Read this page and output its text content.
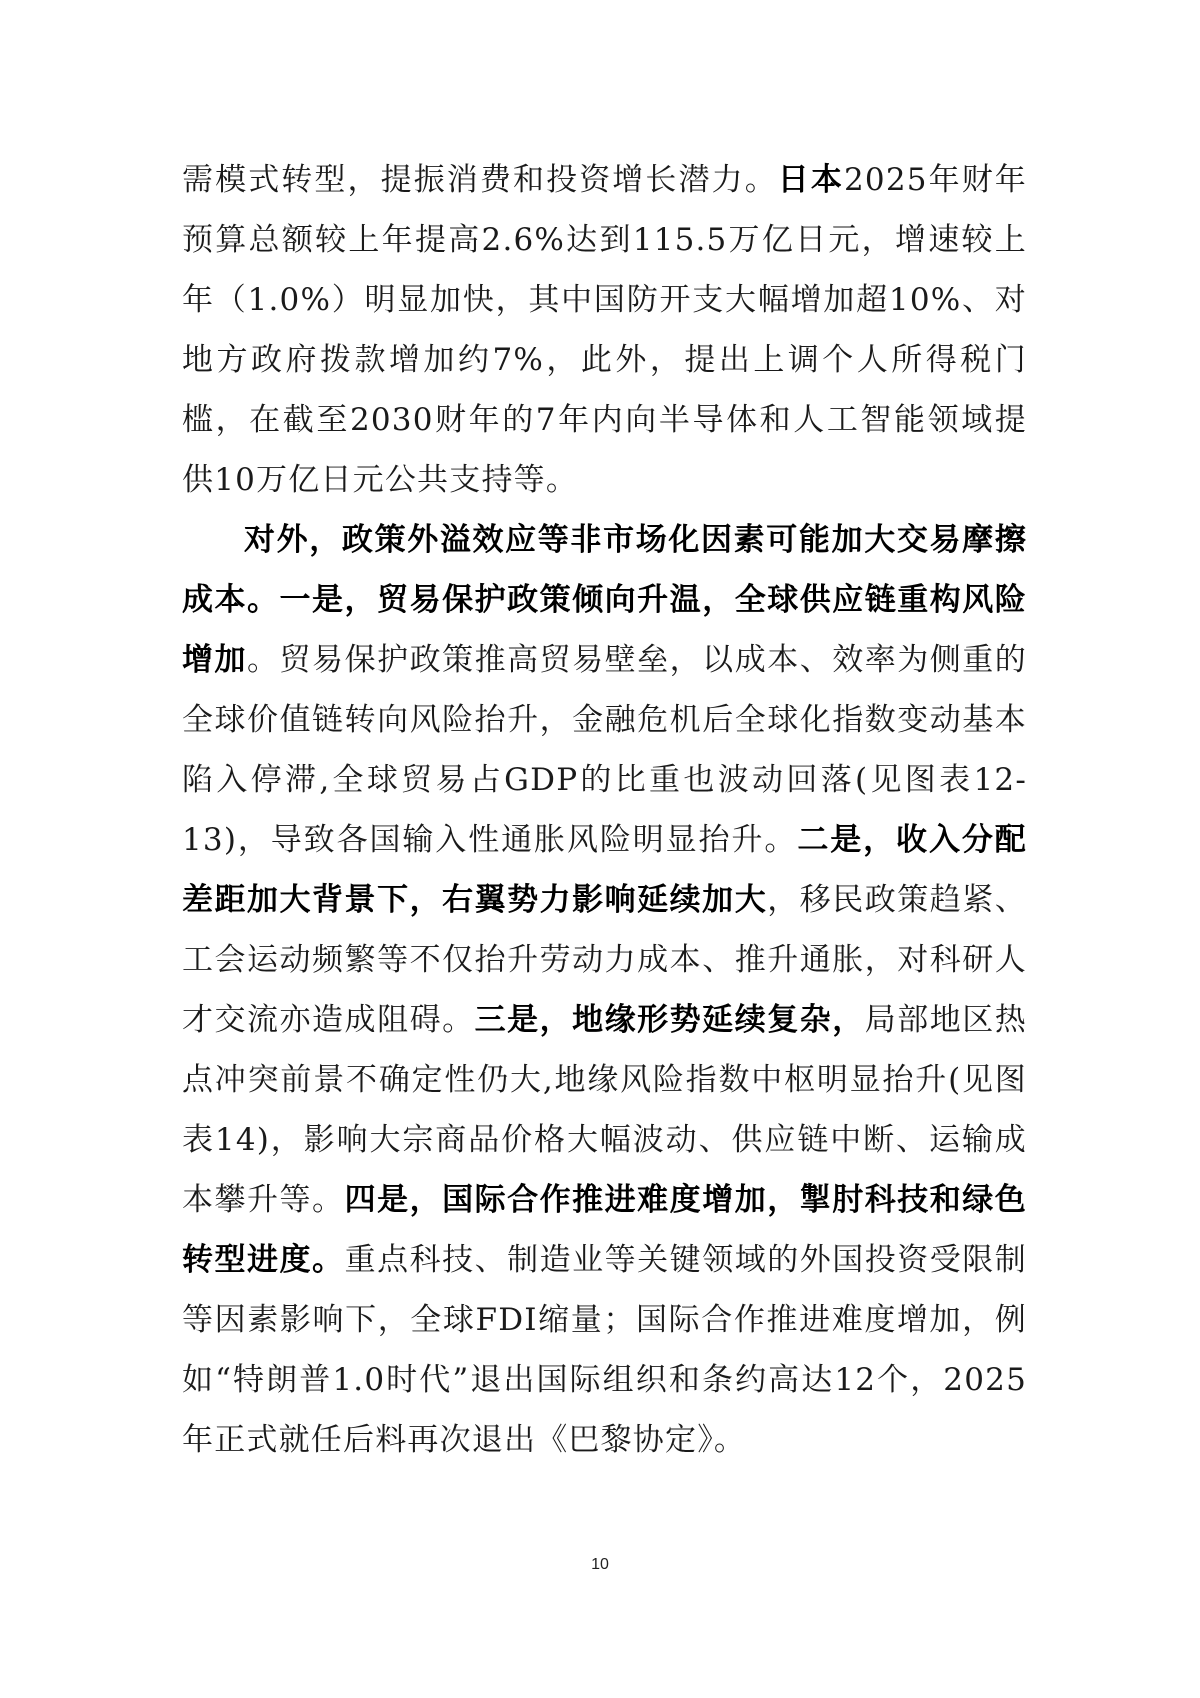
需模式转型，提振消费和投资增长潜力。日本2025年财年预算总额较上年提高2.6%达到115.5万亿日元，增速较上年（1.0%）明显加快，其中国防开支大幅增加超10%、对地方政府拨款增加约7%，此外，提出上调个人所得税门槛，在截至2030财年的7年内向半导体和人工智能领域提供10万亿日元公共支持等。

对外，政策外溢效应等非市场化因素可能加大交易摩擦成本。一是，贸易保护政策倾向升温，全球供应链重构风险增加。贸易保护政策推高贸易壁垒，以成本、效率为侧重的全球价值链转向风险抬升，金融危机后全球化指数变动基本陷入停滞,全球贸易占GDP的比重也波动回落(见图表12-13)，导致各国输入性通胀风险明显抬升。二是，收入分配差距加大背景下，右翼势力影响延续加大，移民政策趋紧、工会运动频繁等不仅抬升劳动力成本、推升通胀，对科研人才交流亦造成阻碍。三是，地缘形势延续复杂，局部地区热点冲突前景不确定性仍大,地缘风险指数中枢明显抬升(见图表14)，影响大宗商品价格大幅波动、供应链中断、运输成本攀升等。四是，国际合作推进难度增加，掣肘科技和绿色转型进度。重点科技、制造业等关键领域的外国投资受限制等因素影响下，全球FDI缩量；国际合作推进难度增加，例如“特朗普1.0时代”退出国际组织和条约高达12个，2025年正式就任后料再次退出《巴黎协定》。

10
